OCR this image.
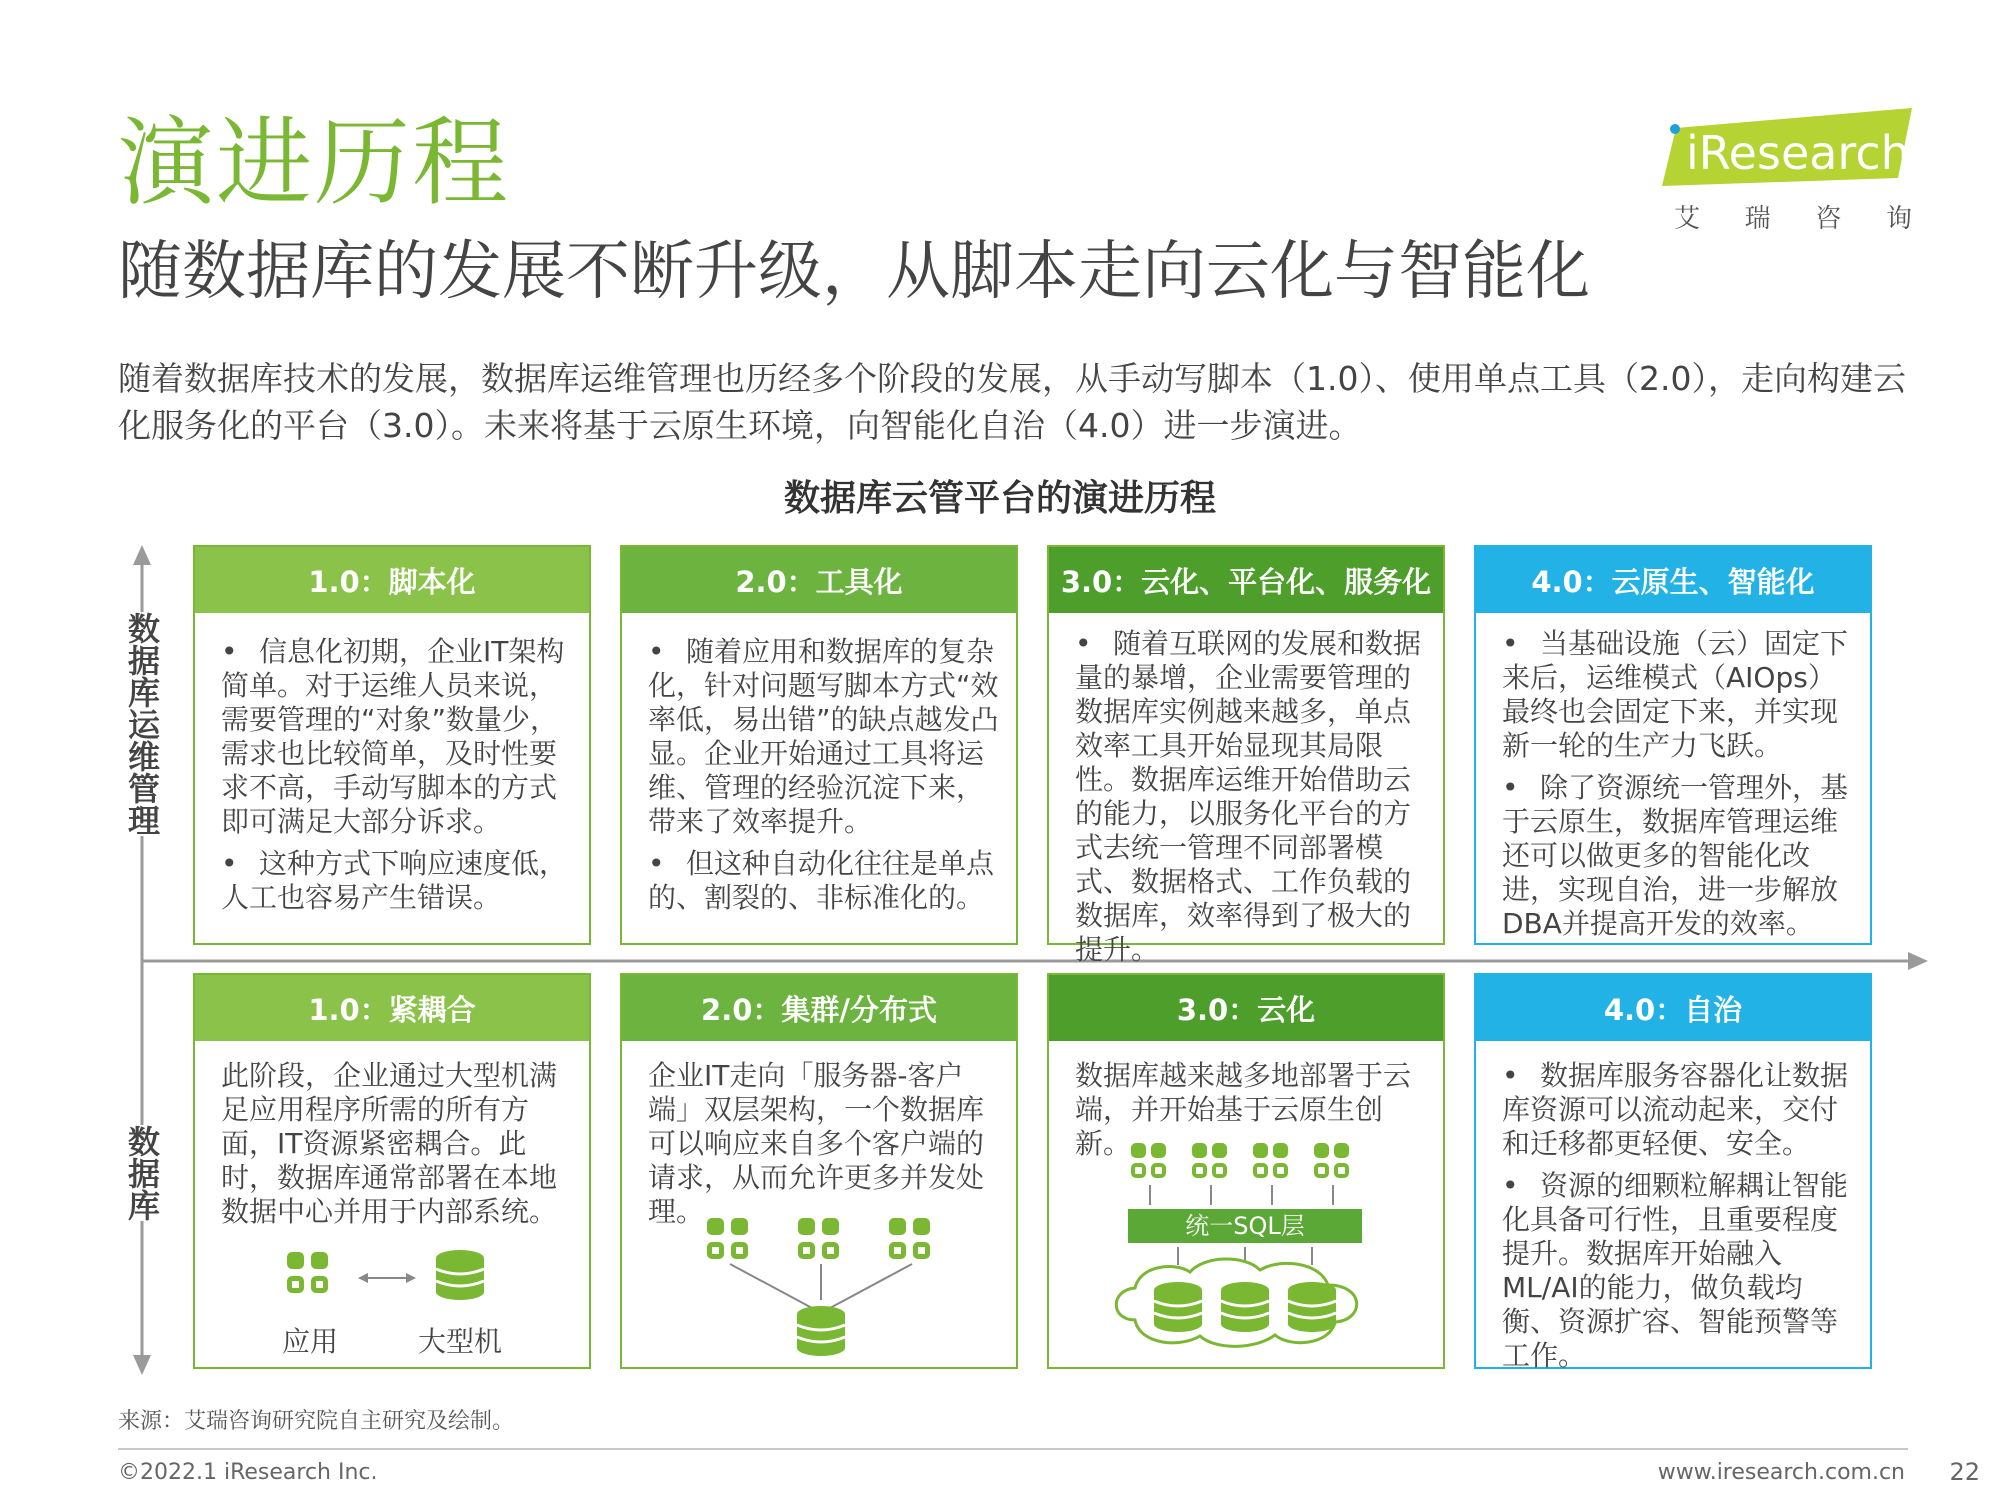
演进历程
随数据库的发展不断升级，从脚本走向云化与智能化
随着数据库技术的发展，数据库运维管理也历经多个阶段的发展，从手动写脚本（1.0）、使用单点工具（2.0），走向构建云化服务化的平台（3.0）。未来将基于云原生环境，向智能化自治（4.0）进一步演进。
iResearch
艾 瑞 咨 询
数据库云管平台的演进历程
数据库运维管理
数据库
1.0：脚本化

• 信息化初期，企业IT架构简单。对于运维人员来说，需要管理的“对象”数量少，需求也比较简单，及时性要求不高，手动写脚本的方式即可满足大部分诉求。

• 这种方式下响应速度低，人工也容易产生错误。

2.0：工具化

• 随着应用和数据库的复杂化，针对问题写脚本方式“效率低，易出错”的缺点越发凸显。企业开始通过工具将运维、管理的经验沉淀下来，带来了效率提升。

• 但这种自动化往往是单点的、割裂的、非标准化的。

3.0：云化、平台化、服务化

• 随着互联网的发展和数据量的暴增，企业需要管理的数据库实例越来越多，单点效率工具开始显现其局限性。数据库运维开始借助云的能力，以服务化平台的方式去统一管理不同部署模式、数据格式、工作负载的数据库，效率得到了极大的提升。

4.0：云原生、智能化

• 当基础设施（云）固定下来后，运维模式（AIOps）最终也会固定下来，并实现新一轮的生产力飞跃。

• 除了资源统一管理外，基于云原生，数据库管理运维还可以做更多的智能化改进，实现自治，进一步解放DBA并提高开发的效率。

1.0：紧耦合

此阶段，企业通过大型机满足应用程序所需的所有方面，IT资源紧密耦合。此时，数据库通常部署在本地数据中心并用于内部系统。

2.0：集群/分布式

企业IT走向「服务器-客户端」双层架构，一个数据库可以响应来自多个客户端的请求，从而允许更多并发处理。

3.0：云化

数据库越来越多地部署于云端，并开始基于云原生创新。

4.0：自治

• 数据库服务容器化让数据库资源可以流动起来，交付和迁移都更轻便、安全。

• 资源的细颗粒解耦让智能化具备可行性，且重要程度提升。数据库开始融入ML/AI的能力，做负载均衡、资源扩容、智能预警等工作。

应用	大型机
统一SQL层
来源：艾瑞咨询研究院自主研究及绘制。
©2022.1 iResearch Inc.	www.iresearch.com.cn 22
